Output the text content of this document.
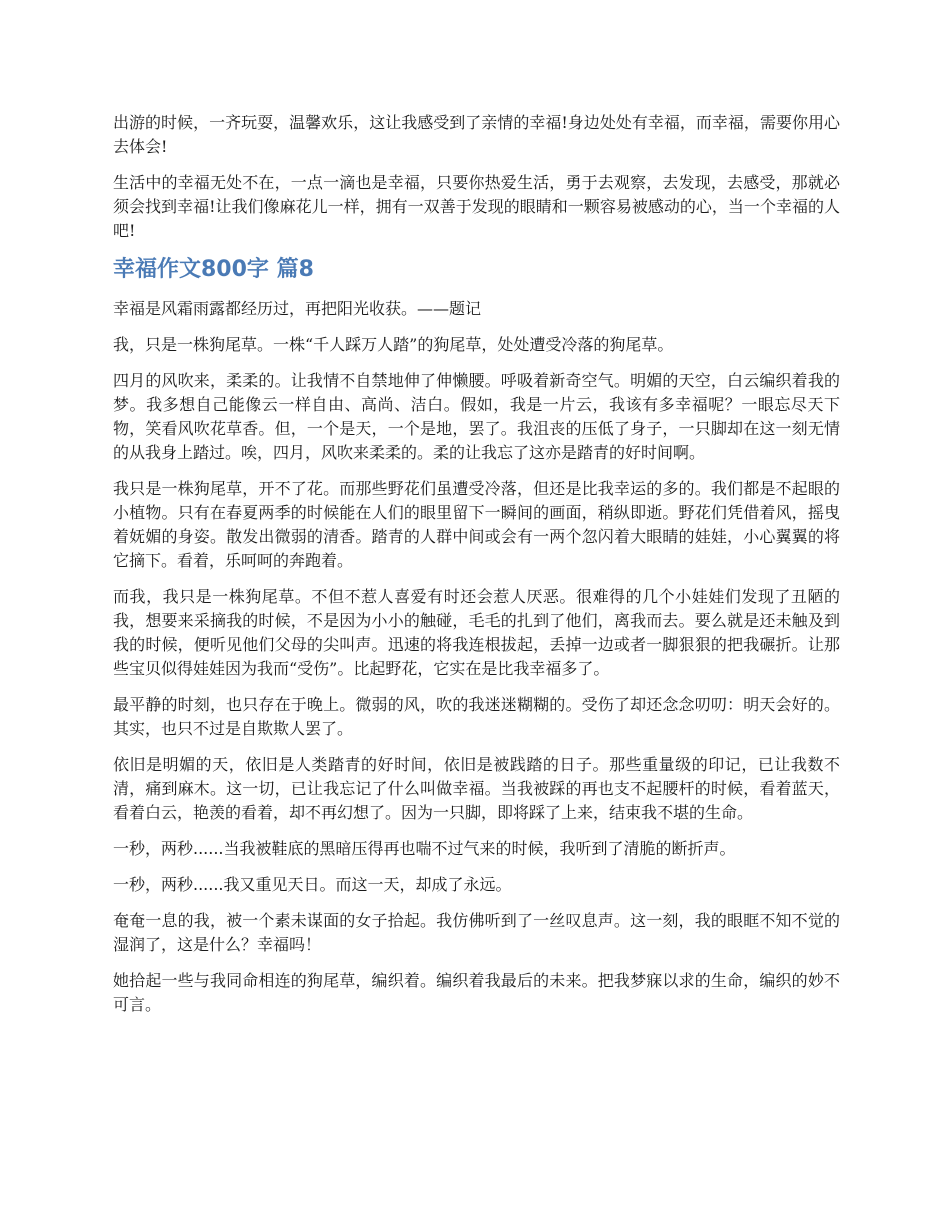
出游的时候，一齐玩耍，温馨欢乐，这让我感受到了亲情的幸福!身边处处有幸福，而幸福，需要你用心去体会!

生活中的幸福无处不在，一点一滴也是幸福，只要你热爱生活，勇于去观察，去发现，去感受，那就必须会找到幸福!让我们像麻花儿一样，拥有一双善于发现的眼睛和一颗容易被感动的心，当一个幸福的人吧!

幸福作文800字 篇8

幸福是风霜雨露都经历过，再把阳光收获。——题记

我，只是一株狗尾草。一株“千人踩万人踏”的狗尾草，处处遭受冷落的狗尾草。

四月的风吹来，柔柔的。让我情不自禁地伸了伸懒腰。呼吸着新奇空气。明媚的天空，白云编织着我的梦。我多想自己能像云一样自由、高尚、洁白。假如，我是一片云，我该有多幸福呢？一眼忘尽天下物，笑看风吹花草香。但，一个是天，一个是地，罢了。我沮丧的压低了身子，一只脚却在这一刻无情的从我身上踏过。唉，四月，风吹来柔柔的。柔的让我忘了这亦是踏青的好时间啊。

我只是一株狗尾草，开不了花。而那些野花们虽遭受冷落，但还是比我幸运的多的。我们都是不起眼的小植物。只有在春夏两季的时候能在人们的眼里留下一瞬间的画面，稍纵即逝。野花们凭借着风，摇曳着妩媚的身姿。散发出微弱的清香。踏青的人群中间或会有一两个忽闪着大眼睛的娃娃，小心翼翼的将它摘下。看着，乐呵呵的奔跑着。

而我，我只是一株狗尾草。不但不惹人喜爱有时还会惹人厌恶。很难得的几个小娃娃们发现了丑陋的我，想要来采摘我的时候，不是因为小小的触碰，毛毛的扎到了他们，离我而去。要么就是还未触及到我的时候，便听见他们父母的尖叫声。迅速的将我连根拔起，丢掉一边或者一脚狠狠的把我碾折。让那些宝贝似得娃娃因为我而“受伤”。比起野花，它实在是比我幸福多了。

最平静的时刻，也只存在于晚上。微弱的风，吹的我迷迷糊糊的。受伤了却还念念叨叨：明天会好的。其实，也只不过是自欺欺人罢了。

依旧是明媚的天，依旧是人类踏青的好时间，依旧是被践踏的日子。那些重量级的印记，已让我数不清，痛到麻木。这一切，已让我忘记了什么叫做幸福。当我被踩的再也支不起腰杆的时候，看着蓝天，看着白云，艳羡的看着，却不再幻想了。因为一只脚，即将踩了上来，结束我不堪的生命。

一秒，两秒......当我被鞋底的黑暗压得再也喘不过气来的时候，我听到了清脆的断折声。

一秒，两秒......我又重见天日。而这一天，却成了永远。

奄奄一息的我，被一个素未谋面的女子拾起。我仿佛听到了一丝叹息声。这一刻，我的眼眶不知不觉的湿润了，这是什么？幸福吗！

她拾起一些与我同命相连的狗尾草，编织着。编织着我最后的未来。把我梦寐以求的生命，编织的妙不可言。
